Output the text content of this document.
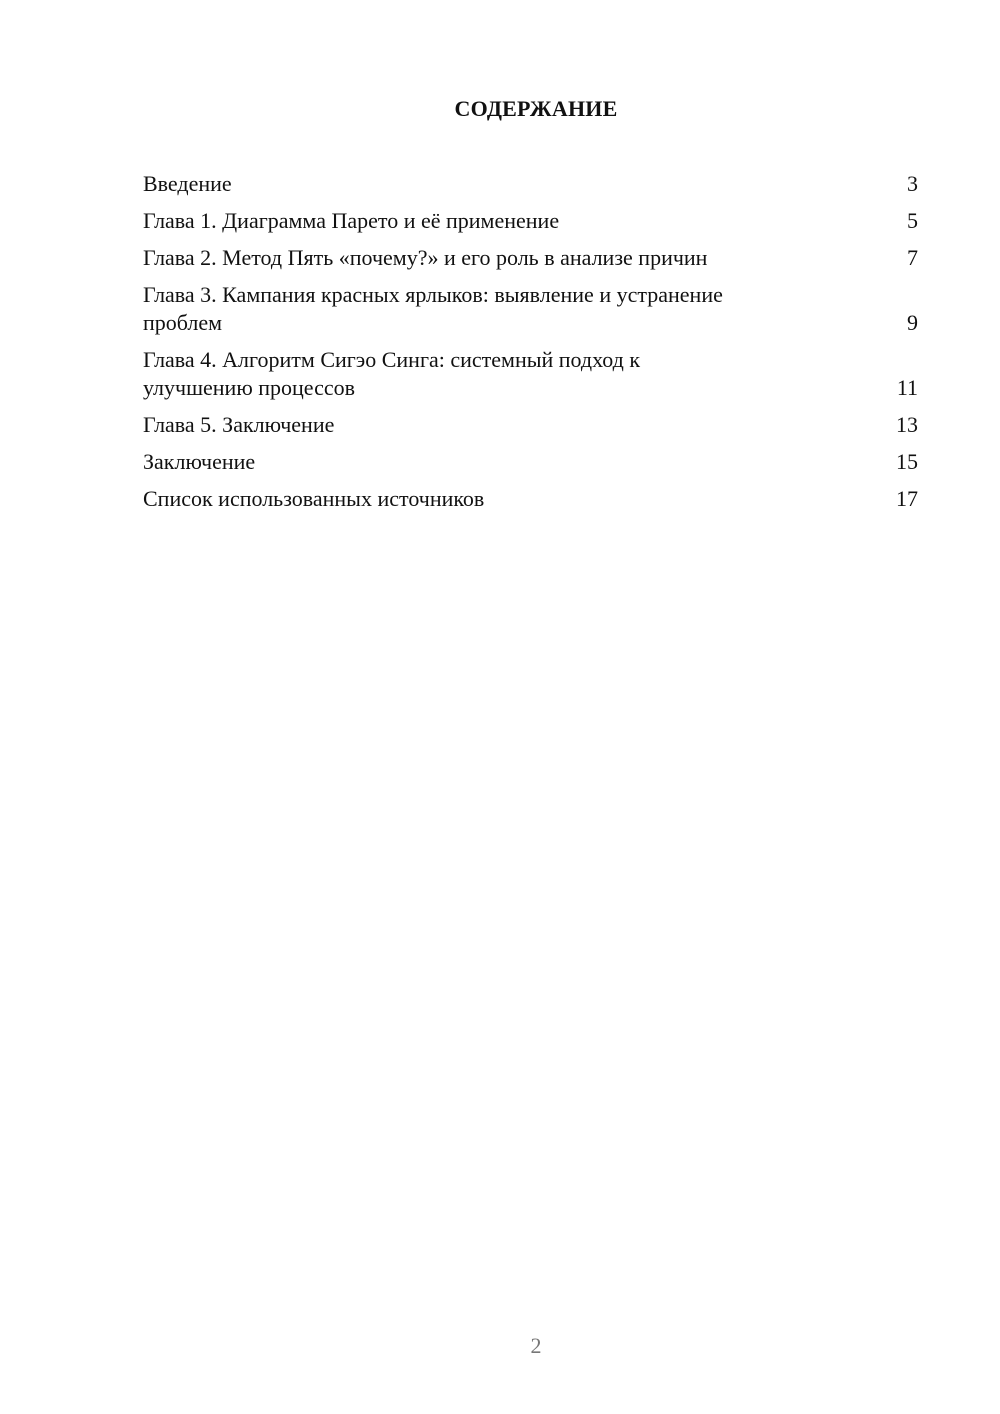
СОДЕРЖАНИЕ
Введение	3
Глава 1. Диаграмма Парето и её применение	5
Глава 2. Метод Пять «почему?» и его роль в анализе причин	7
Глава 3. Кампания красных ярлыков: выявление и устранение
проблем	9
Глава 4. Алгоритм Сигэо Синга: системный подход к
улучшению процессов	11
Глава 5. Заключение	13
Заключение	15
Список использованных источников	17
2
